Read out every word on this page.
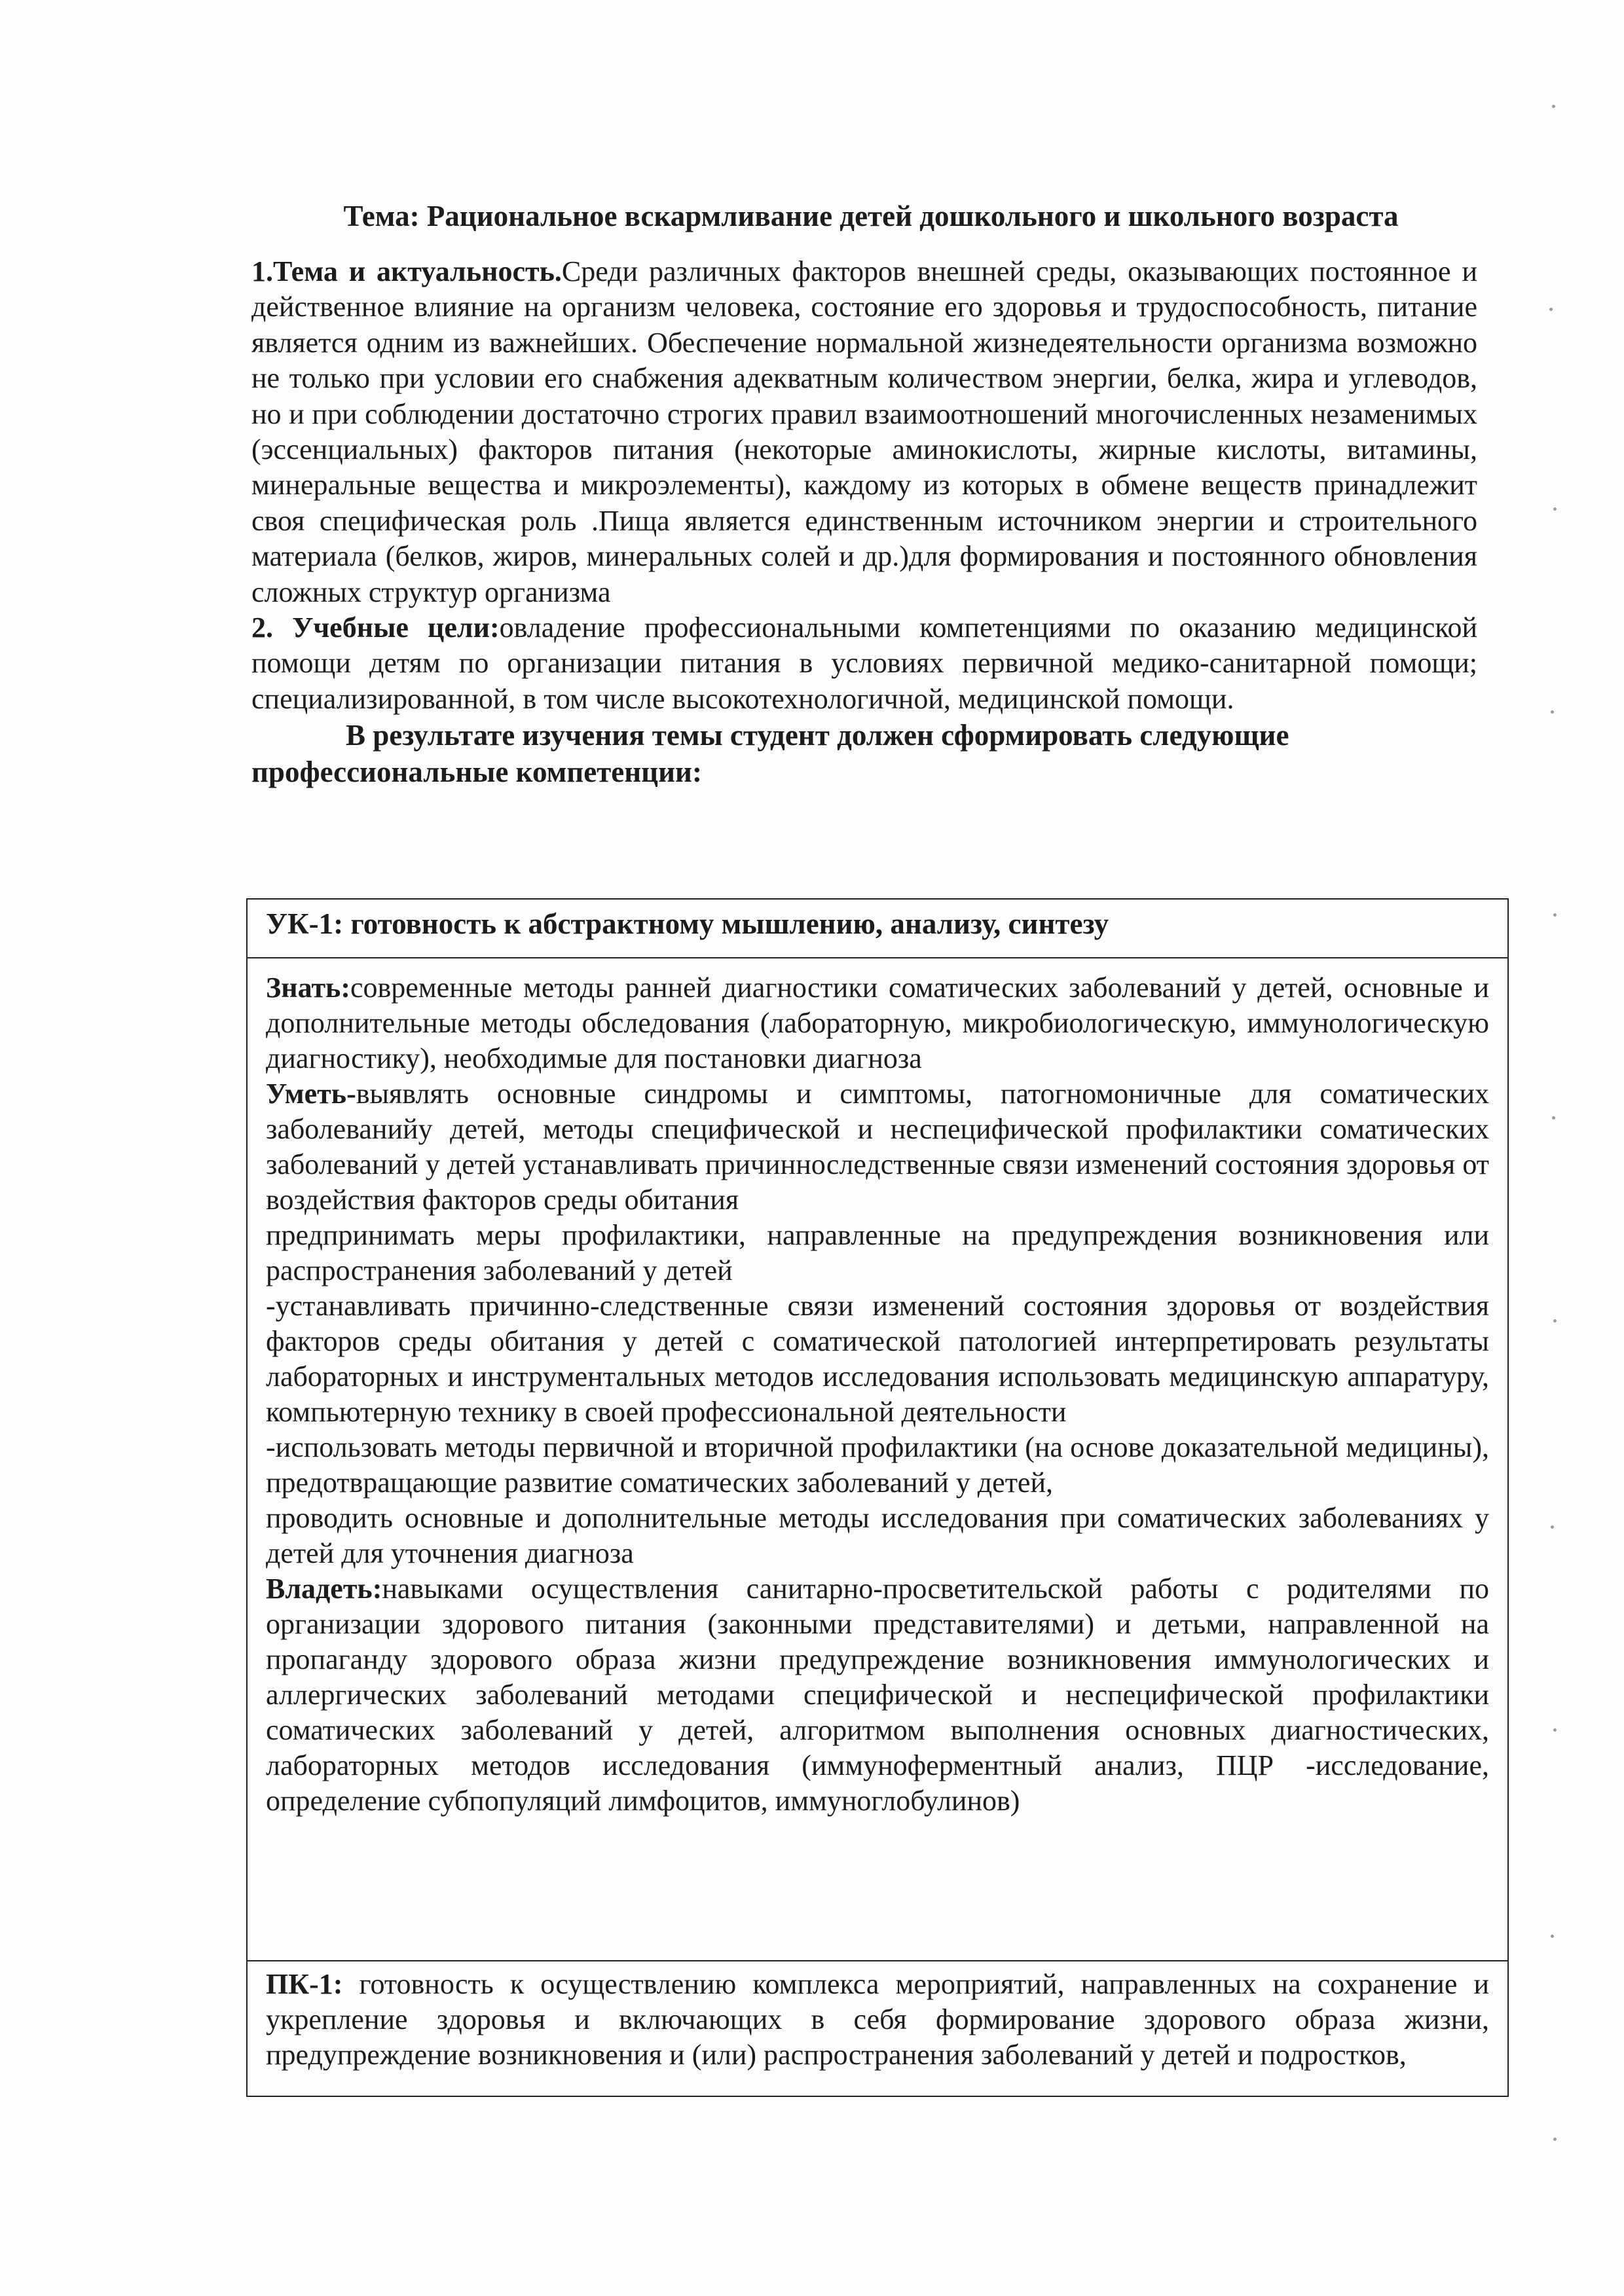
Тема: Рациональное вскармливание детей дошкольного и школьного возраста

1.Тема и актуальность.Среди различных факторов внешней среды, оказывающих постоянное и действенное влияние на организм человека, состояние его здоровья и трудоспособность, питание является одним из важнейших. Обеспечение нормальной жизнедеятельности организма возможно не только при условии его снабжения адекватным количеством энергии, белка, жира и углеводов, но и при соблюдении достаточно строгих правил взаимоотношений многочисленных незаменимых (эссенциальных) факторов питания (некоторые аминокислоты, жирные кислоты, витамины, минеральные вещества и микроэлементы), каждому из которых в обмене веществ принадлежит своя специфическая роль .Пища является единственным источником энергии и строительного материала (белков, жиров, минеральных солей и др.)для формирования и постоянного обновления сложных структур организма

2. Учебные цели:овладение профессиональными компетенциями по оказанию медицинской помощи детям по организации питания в условиях первичной медико-санитарной помощи; специализированной, в том числе высокотехнологичной, медицинской помощи.

В результате изучения темы студент должен сформировать следующие профессиональные компетенции:

УК-1: готовность к абстрактному мышлению, анализу, синтезу

Знать:современные методы ранней диагностики соматических заболеваний у детей, основные и дополнительные методы обследования (лабораторную, микробиологическую, иммунологическую диагностику), необходимые для постановки диагноза

Уметь-выявлять основные синдромы и симптомы, патогномоничные для соматических заболеванийу детей, методы специфической и неспецифической профилактики соматических заболеваний у детей устанавливать причинноследственные связи изменений состояния здоровья от воздействия факторов среды обитания

предпринимать меры профилактики, направленные на предупреждения возникновения или распространения заболеваний у детей

-устанавливать причинно-следственные связи изменений состояния здоровья от воздействия факторов среды обитания у детей с соматической патологией интерпретировать результаты лабораторных и инструментальных методов исследования использовать медицинскую аппаратуру, компьютерную технику в своей профессиональной деятельности

-использовать методы первичной и вторичной профилактики (на основе доказательной медицины), предотвращающие развитие соматических заболеваний у детей,

проводить основные и дополнительные методы исследования при соматических заболеваниях у детей для уточнения диагноза

Владеть:навыками осуществления санитарно-просветительской работы с родителями по организации здорового питания (законными представителями) и детьми, направленной на пропаганду здорового образа жизни предупреждение возникновения иммунологических и аллергических заболеваний методами специфической и неспецифической профилактики соматических заболеваний у детей, алгоритмом выполнения основных диагностических, лабораторных методов исследования (иммуноферментный анализ, ПЦР -исследование, определение субпопуляций лимфоцитов, иммуноглобулинов)

ПК-1: готовность к осуществлению комплекса мероприятий, направленных на сохранение и укрепление здоровья и включающих в себя формирование здорового образа жизни, предупреждение возникновения и (или) распространения заболеваний у детей и подростков,
